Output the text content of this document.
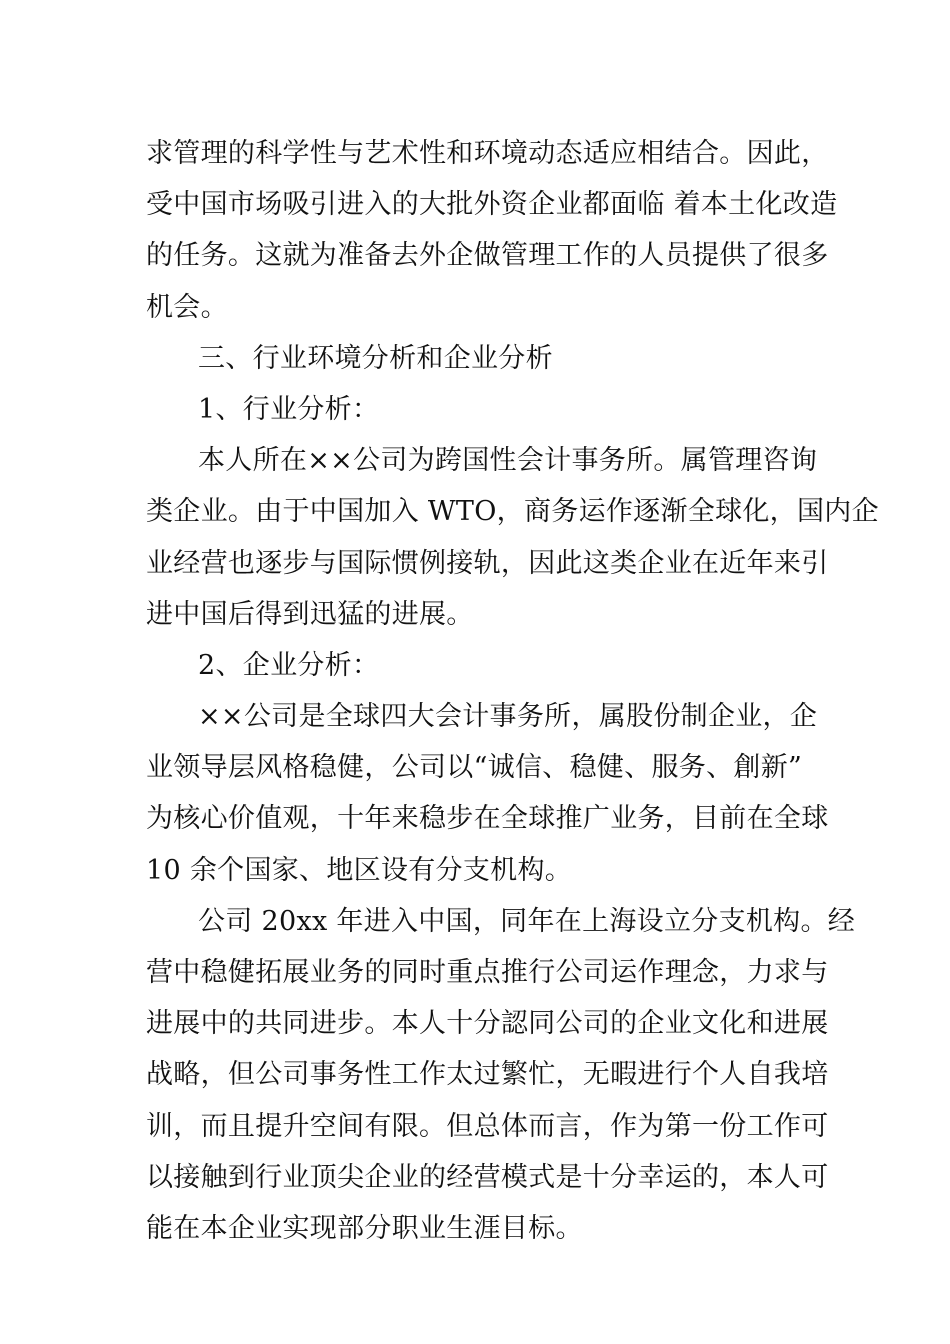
求管理的科学性与艺术性和环境动态适应相结合。因此，
受中国市场吸引进入的大批外资企业都面临 着本土化改造
的任务。这就为准备去外企做管理工作的人员提供了很多
机会。
三、行业环境分析和企业分析
1、行业分析：
本人所在××公司为跨国性会计事务所。属管理咨询
类企业。由于中国加入 WTO，商务运作逐渐全球化，国内企
业经营也逐步与国际惯例接轨，因此这类企业在近年来引
进中国后得到迅猛的进展。
2、企业分析：
××公司是全球四大会计事务所，属股份制企业，企
业领导层风格稳健，公司以“诚信、稳健、服务、創新”
为核心价值观，十年来稳步在全球推广业务，目前在全球
10 余个国家、地区设有分支机构。
公司 20xx 年进入中国，同年在上海设立分支机构。经
营中稳健拓展业务的同时重点推行公司运作理念，力求与
进展中的共同进步。本人十分認同公司的企业文化和进展
战略，但公司事务性工作太过繁忙，无暇进行个人自我培
训，而且提升空间有限。但总体而言，作为第一份工作可
以接触到行业顶尖企业的经营模式是十分幸运的，本人可
能在本企业实现部分职业生涯目标。
